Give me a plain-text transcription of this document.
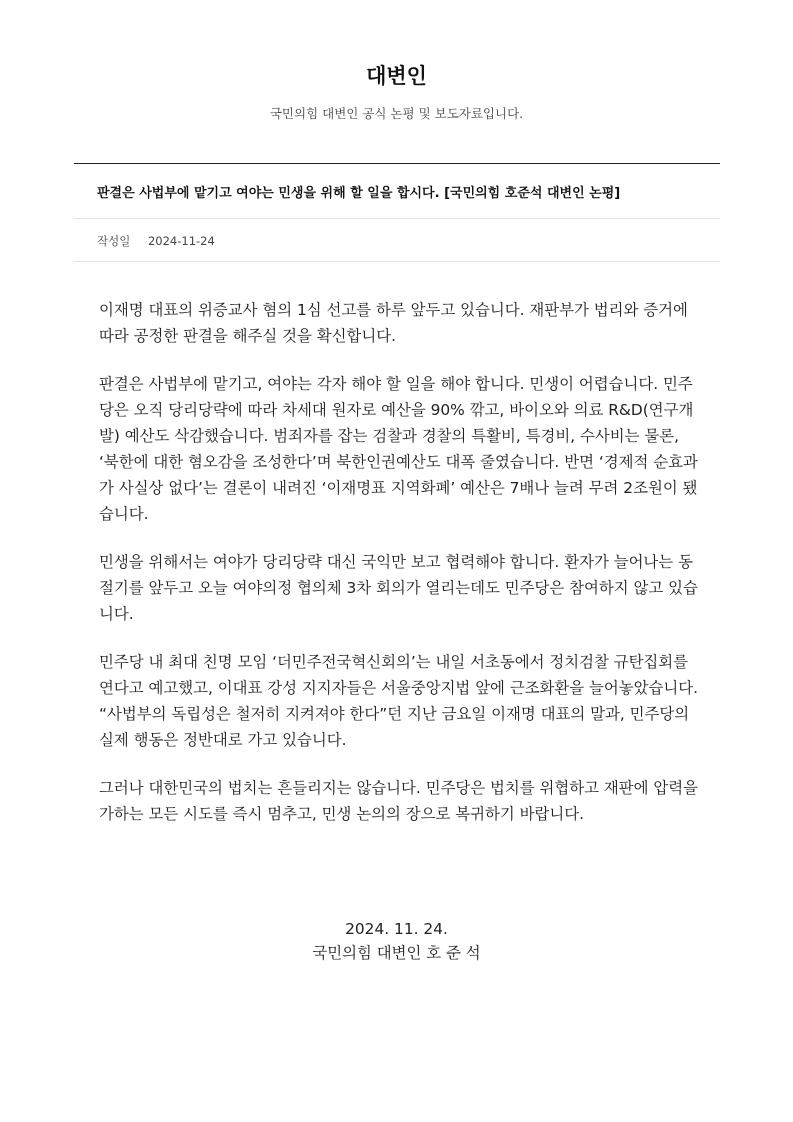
대변인
국민의힘 대변인 공식 논평 및 보도자료입니다.
판결은 사법부에 맡기고 여야는 민생을 위해 할 일을 합시다. [국민의힘 호준석 대변인 논평]
작성일 2024-11-24

이재명 대표의 위증교사 혐의 1심 선고를 하루 앞두고 있습니다. 재판부가 법리와 증거에 따라 공정한 판결을 해주실 것을 확신합니다.

판결은 사법부에 맡기고, 여야는 각자 해야 할 일을 해야 합니다. 민생이 어렵습니다. 민주당은 오직 당리당략에 따라 차세대 원자로 예산을 90% 깎고, 바이오와 의료 R&D(연구개발) 예산도 삭감했습니다. 범죄자를 잡는 검찰과 경찰의 특활비, 특경비, 수사비는 물론, ‘북한에 대한 혐오감을 조성한다’며 북한인권예산도 대폭 줄였습니다. 반면 ‘경제적 순효과가 사실상 없다’는 결론이 내려진 ‘이재명표 지역화폐’ 예산은 7배나 늘려 무려 2조원이 됐습니다.

민생을 위해서는 여야가 당리당략 대신 국익만 보고 협력해야 합니다. 환자가 늘어나는 동절기를 앞두고 오늘 여야의정 협의체 3차 회의가 열리는데도 민주당은 참여하지 않고 있습니다.

민주당 내 최대 친명 모임 ‘더민주전국혁신회의’는 내일 서초동에서 정치검찰 규탄집회를 연다고 예고했고, 이대표 강성 지지자들은 서울중앙지법 앞에 근조화환을 늘어놓았습니다. “사법부의 독립성은 철저히 지켜져야 한다”던 지난 금요일 이재명 대표의 말과, 민주당의 실제 행동은 정반대로 가고 있습니다.

그러나 대한민국의 법치는 흔들리지는 않습니다. 민주당은 법치를 위협하고 재판에 압력을 가하는 모든 시도를 즉시 멈추고, 민생 논의의 장으로 복귀하기 바랍니다.

2024. 11. 24.
국민의힘 대변인 호 준 석
